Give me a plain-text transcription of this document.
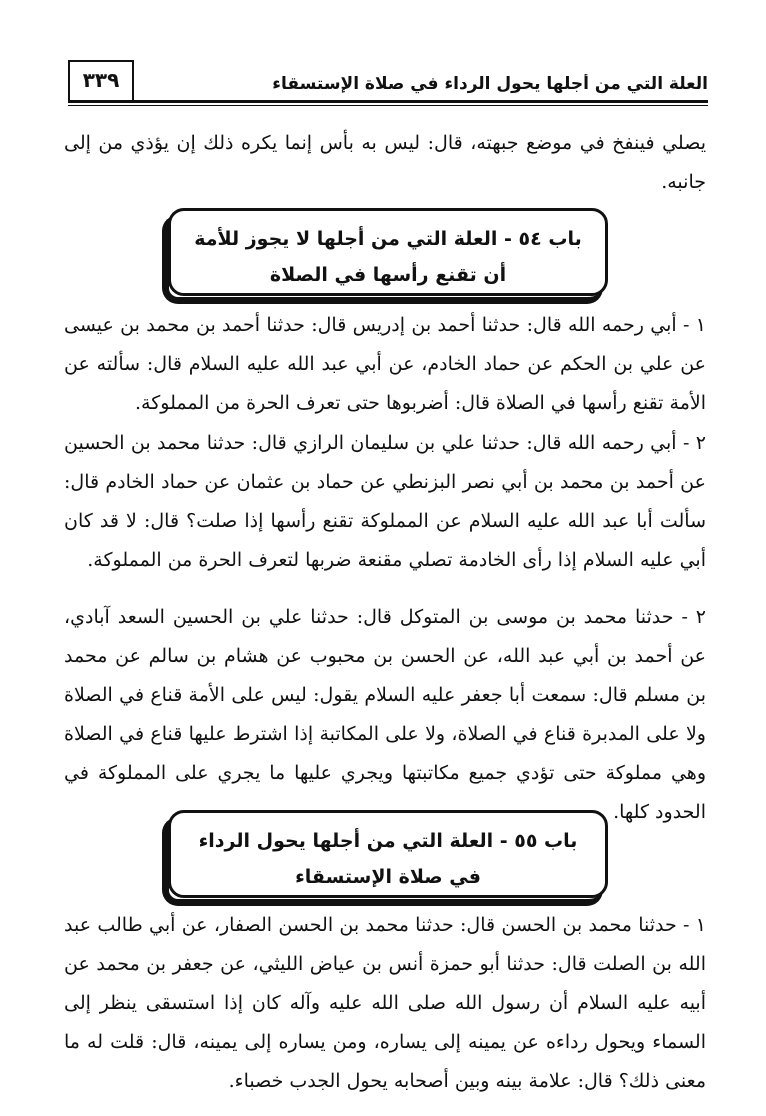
٣٣٩	العلة التي من أجلها يحول الرداء في صلاة الإستسقاء
يصلي فينفخ في موضع جبهته، قال: ليس به بأس إنما يكره ذلك إن يؤذي من إلى جانبه.
باب ٥٤ - العلة التي من أجلها لا يجوز للأمة
أن تقنع رأسها في الصلاة
١ - أبي رحمه الله قال: حدثنا أحمد بن إدريس قال: حدثنا أحمد بن محمد بن عيسى عن علي بن الحكم عن حماد الخادم، عن أبي عبد الله عليه السلام قال: سألته عن الأمة تقنع رأسها في الصلاة قال: أضربوها حتى تعرف الحرة من المملوكة.
٢ - أبي رحمه الله قال: حدثنا علي بن سليمان الرازي قال: حدثنا محمد بن الحسين عن أحمد بن محمد بن أبي نصر البزنطي عن حماد بن عثمان عن حماد الخادم قال: سألت أبا عبد الله عليه السلام عن المملوكة تقنع رأسها إذا صلت؟ قال: لا قد كان أبي عليه السلام إذا رأى الخادمة تصلي مقنعة ضربها لتعرف الحرة من المملوكة.
٢ - حدثنا محمد بن موسى بن المتوكل قال: حدثنا علي بن الحسين السعد آبادي، عن أحمد بن أبي عبد الله، عن الحسن بن محبوب عن هشام بن سالم عن محمد بن مسلم قال: سمعت أبا جعفر عليه السلام يقول: ليس على الأمة قناع في الصلاة ولا على المدبرة قناع في الصلاة، ولا على المكاتبة إذا اشترط عليها قناع في الصلاة وهي مملوكة حتى تؤدي جميع مكاتبتها ويجري عليها ما يجري على المملوكة في الحدود كلها.
باب ٥٥ - العلة التي من أجلها يحول الرداء
في صلاة الإستسقاء
١ - حدثنا محمد بن الحسن قال: حدثنا محمد بن الحسن الصفار، عن أبي طالب عبد الله بن الصلت قال: حدثنا أبو حمزة أنس بن عياض الليثي، عن جعفر بن محمد عن أبيه عليه السلام أن رسول الله صلى الله عليه وآله كان إذا استسقى ينظر إلى السماء ويحول رداءه عن يمينه إلى يساره، ومن يساره إلى يمينه، قال: قلت له ما معنى ذلك؟ قال: علامة بينه وبين أصحابه يحول الجدب خصباء.
